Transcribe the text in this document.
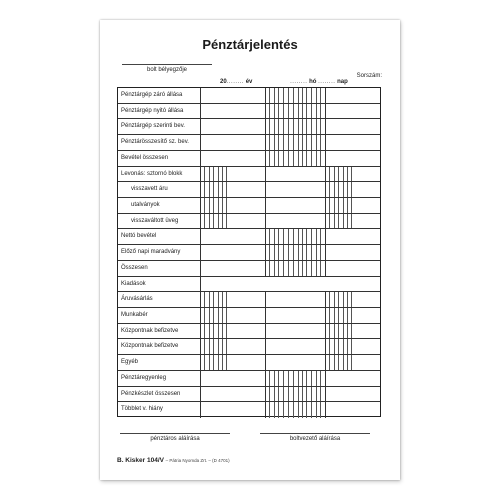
Pénztárjelentés
bolt bélyegzője
Sorszám:
20........ év	........ hó ........ nap
Pénztárgép záró állása
Pénztárgép nyitó állása
Pénztárgép szerinti bev.
Pénztárösszesítő sz. bev.
Bevétel összesen
Levonás: sztornó blokk
visszavett áru
utalványok
visszaváltott üveg
Nettó bevétel
Előző napi maradvány
Összesen
Kiadások
Áruvásárlás
Munkabér
Központnak befizetve
Központnak befizetve
Egyéb
Pénztáregyenleg
Pénzkészlet összesen
Többlet v. hiány
pénztáros aláírása	boltvezető aláírása
B. Kisker 104/V – Pátria Nyomda Zrt. – (D 4701)
